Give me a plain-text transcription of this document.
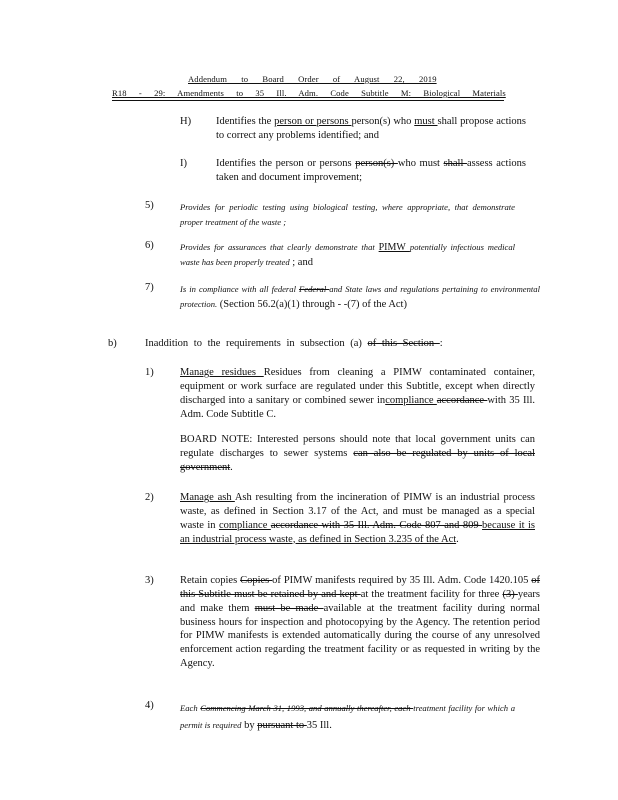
Addendum to Board Order of August 22, 2019
R18 - 29: Amendments to 35 Ill. Adm. Code Subtitle M: Biological Materials
H) Identifies the person or persons person(s) who must shall propose actions to correct any problems identified; and
I)	Identifies the person or persons person(s) who must shall assess actions taken and document improvement;
5)	Provides for periodic testing using biological testing, where appropriate, that demonstrate proper treatment of the waste ;
6)	Provides for assurances that clearly demonstrate that PIMW potentially infectious medical waste has been properly treated ; and
7)	Is in compliance with all federal Federal and State laws and regulations pertaining to environmental protection. (Section 56.2(a)(1) through - -(7) of the Act)
b)	Inaddition to the requirements in subsection (a) of this Section :
1)	Manage residues Residues from cleaning a PIMW contaminated container, equipment or work surface are regulated under this Subtitle, except when directly discharged into a sanitary or combined sewer incompliance accordance with 35 Ill. Adm. Code Subtitle C.
BOARD NOTE: Interested persons should note that local government units can regulate discharges to sewer systems can also be regulated by units of local government.
2)	Manage ash Ash resulting from the incineration of PIMW is an industrial process waste, as defined in Section 3.17 of the Act, and must be managed as a special waste in compliance accordance with 35 Ill. Adm. Code 807 and 809 because it is an industrial process waste, as defined in Section 3.235 of the Act.
3)	Retain copies Copies of PIMW manifests required by 35 Ill. Adm. Code 1420.105 of this Subtitle must be retained by and kept at the treatment facility for three (3) years and make them must be made available at the treatment facility during normal business hours for inspection and photocopying by the Agency. The retention period for PIMW manifests is extended automatically during the course of any unresolved enforcement action regarding the treatment facility or as requested in writing by the Agency.
4)	Each Commencing March 31, 1993, and annually thereafter, each treatment facility for which a permit is required by pursuant to 35 Ill.
